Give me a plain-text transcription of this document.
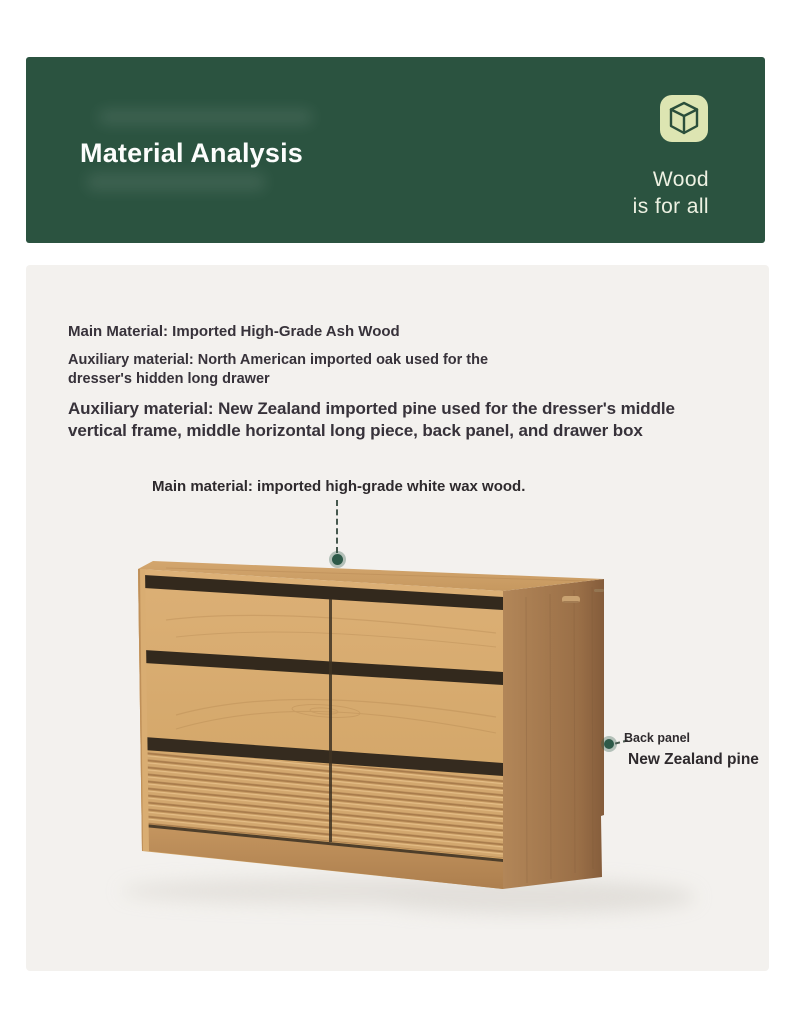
Material Analysis
Wood
is for all
Main Material: Imported High-Grade Ash Wood
Auxiliary material: North American imported oak used for the
dresser's hidden long drawer
Auxiliary material: New Zealand imported pine used for the dresser's middle
vertical frame, middle horizontal long piece, back panel, and drawer box
Main material: imported high-grade white wax wood.
Back panel
New Zealand pine
